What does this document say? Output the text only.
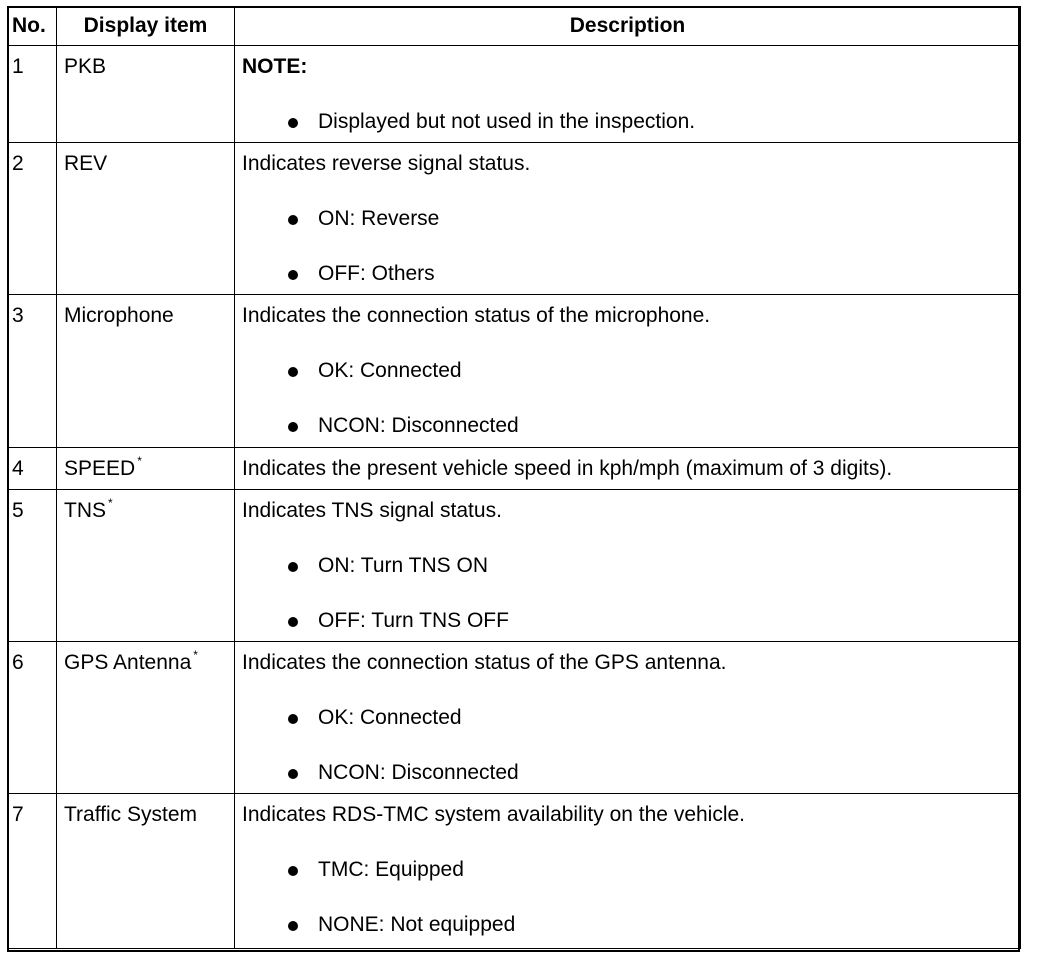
No.	Display item	Description
1	PKB	NOTE:
Displayed but not used in the inspection.

2	REV	Indicates reverse signal status.
ON: Reverse
OFF: Others

3	Microphone	Indicates the connection status of the microphone.
OK: Connected
NCON: Disconnected

4	SPEED *	Indicates the present vehicle speed in kph/mph (maximum of 3 digits).

5	TNS *	Indicates TNS signal status.
ON: Turn TNS ON
OFF: Turn TNS OFF

6	GPS Antenna *	Indicates the connection status of the GPS antenna.
OK: Connected
NCON: Disconnected

7	Traffic System	Indicates RDS-TMC system availability on the vehicle.
TMC: Equipped
NONE: Not equipped
